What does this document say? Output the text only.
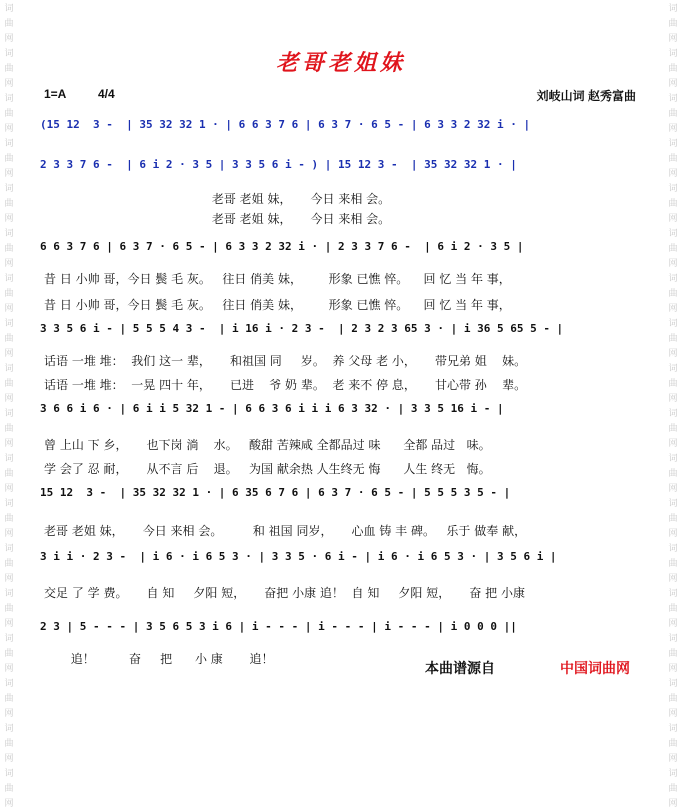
词
曲
网
词
曲
网
词
曲
网
词
曲
网
词
曲
网
词
曲
网
词
曲
网
词
曲
网
词
曲
网
词
曲
网
词
曲
网
词
曲
网
词
曲
网
词
曲
网
词
曲
网
词
曲
网
词
曲
网
词
曲
网
词
曲
网
词
曲
网
词
曲
网
词
曲
网
词
曲
网
词
曲
网
词
曲
网
词
曲
网
词
曲
网
词
曲
网
词
曲
网
词
曲
网
词
曲
网
词
曲
网
词
曲
网
词
曲
网
词
曲
网
词
曲
网
老哥老姐妹
1=A	4/4	刘岐山词 赵秀富曲
(15 12  3 -  | 35 32 32 1 · | 6 6 3 7 6 | 6 3 7 · 6 5 - | 6 3 3 2 32 i · |
2 3 3 7 6 -  | 6 i 2 · 3 5 | 3 3 5 6 i - ) | 15 12 3 -  | 35 32 32 1 · |
6 6 3 7 6 | 6 3 7 · 6 5 - | 6 3 3 2 32 i · | 2 3 3 7 6 -  | 6 i 2 · 3 5 |
3 3 5 6 i - | 5 5 5 4 3 -  | i 16 i · 2 3 -  | 2 3 2 3 65 3 · | i 36 5 65 5 - |
3 6 6 i 6 · | 6 i i 5 32 1 - | 6 6 3 6 i i i 6 3 32 · | 3 3 5 16 i - |
15 12  3 -  | 35 32 32 1 · | 6 35 6 7 6 | 6 3 7 · 6 5 - | 5 5 5 3 5 - |
3 i i · 2 3 -  | i 6 · i 6 5 3 · | 3 3 5 · 6 i - | i 6 · i 6 5 3 · | 3 5 6 i |
2 3 | 5 - - - | 3 5 6 5 3 i 6 | i - - - | i - - - | i - - - | i 0 0 0 ||
老哥 老姐 妹，     今日 来相 会。
老哥 老姐 妹，     今日 来相 会。
昔 日 小帅 哥，今日 鬓 毛 灰。   往日 俏美 妹，       形象 已憔 悴。    回 忆 当 年 事，
昔 日 小帅 哥，今日 鬓 毛 灰。   往日 俏美 妹，       形象 已憔 悴。    回 忆 当 年 事，
话语 一堆 堆：  我们 这一 辈，     和祖国 同     岁。  养 父母 老 小，     带兄弟 姐    妹。
话语 一堆 堆：  一晃 四十 年，     已进    爷 奶 辈。  老 来不 停 息，     甘心带 孙    辈。
曾 上山 下 乡，     也下岗 淌    水。   酸甜 苦辣咸 全都品过 味      全都 品过   味。
学 会了 忍 耐，     从不言 后    退。   为国 献余热 人生终无 悔      人生 终无   悔。
老哥 老姐 妹，     今日 来相 会。        和 祖国 同岁，     心血 铸 丰 碑。   乐于 做奉 献，
交足 了 学 费。     自 知     夕阳 短，     奋把 小康 追！  自 知     夕阳 短，     奋 把 小康
追！         奋     把      小 康       追！
本曲谱源自	中国词曲网
